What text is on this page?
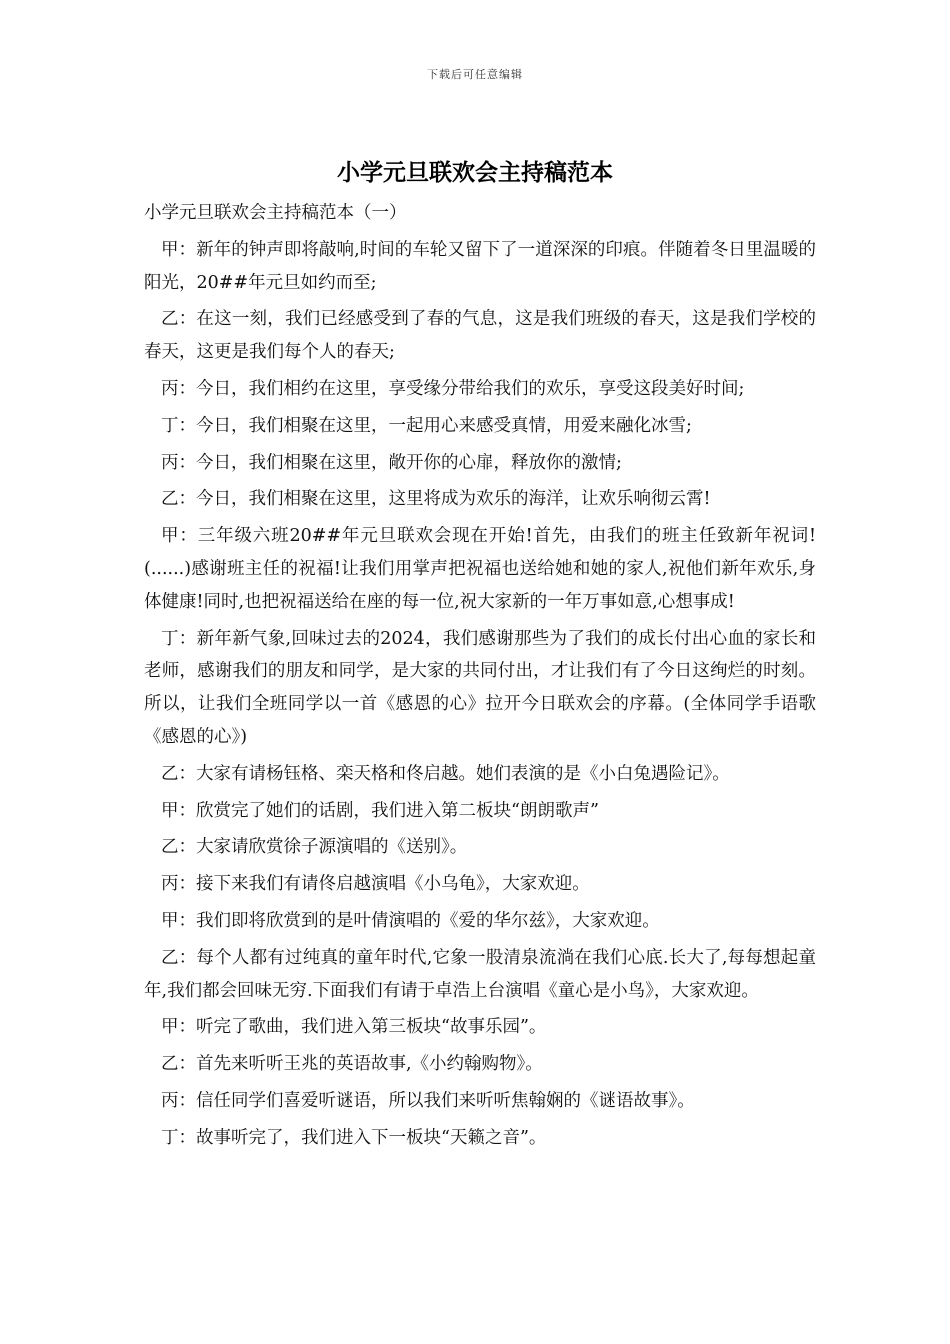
下载后可任意编辑
小学元旦联欢会主持稿范本

小学元旦联欢会主持稿范本（一）

甲：新年的钟声即将敲响,时间的车轮又留下了一道深深的印痕。伴随着冬日里温暖的阳光，20##年元旦如约而至;

乙：在这一刻，我们已经感受到了春的气息，这是我们班级的春天，这是我们学校的春天，这更是我们每个人的春天;

丙：今日，我们相约在这里，享受缘分带给我们的欢乐，享受这段美好时间;

丁：今日，我们相聚在这里，一起用心来感受真情，用爱来融化冰雪;

丙：今日，我们相聚在这里，敞开你的心扉，释放你的激情;

乙：今日，我们相聚在这里，这里将成为欢乐的海洋，让欢乐响彻云霄!

甲：三年级六班20##年元旦联欢会现在开始!首先，由我们的班主任致新年祝词!(......)感谢班主任的祝福!让我们用掌声把祝福也送给她和她的家人,祝他们新年欢乐,身体健康!同时,也把祝福送给在座的每一位,祝大家新的一年万事如意,心想事成!

丁：新年新气象,回味过去的2024，我们感谢那些为了我们的成长付出心血的家长和老师，感谢我们的朋友和同学，是大家的共同付出，才让我们有了今日这绚烂的时刻。所以，让我们全班同学以一首《感恩的心》拉开今日联欢会的序幕。(全体同学手语歌《感恩的心》)

乙：大家有请杨钰格、栾天格和佟启越。她们表演的是《小白兔遇险记》。

甲：欣赏完了她们的话剧，我们进入第二板块“朗朗歌声”

乙：大家请欣赏徐子源演唱的《送别》。

丙：接下来我们有请佟启越演唱《小乌龟》，大家欢迎。

甲：我们即将欣赏到的是叶倩演唱的《爱的华尔兹》，大家欢迎。

乙：每个人都有过纯真的童年时代,它象一股清泉流淌在我们心底.长大了,每每想起童年,我们都会回味无穷.下面我们有请于卓浩上台演唱《童心是小鸟》，大家欢迎。

甲：听完了歌曲，我们进入第三板块“故事乐园”。

乙：首先来听听王兆的英语故事,《小约翰购物》。

丙：信任同学们喜爱听谜语，所以我们来听听焦翰娴的《谜语故事》。

丁：故事听完了，我们进入下一板块“天籁之音”。
